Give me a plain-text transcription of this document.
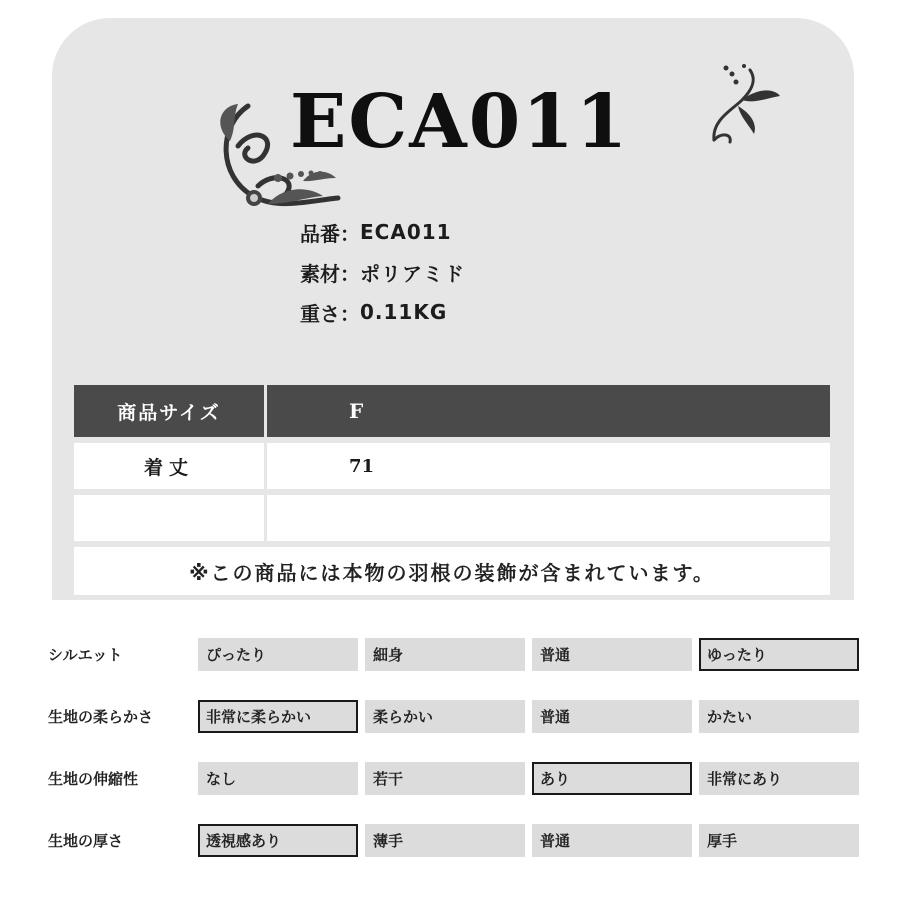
ECA011
品番： ECA011
素材： ポリアミド
重さ： 0.11KG
商品サイズ	F
着丈	71
※この商品には本物の羽根の装飾が含まれています。
シルエット	ぴったり	細身	普通	ゆったり
生地の柔らかさ	非常に柔らかい	柔らかい	普通	かたい
生地の伸縮性	なし	若干	あり	非常にあり
生地の厚さ	透視感あり	薄手	普通	厚手
